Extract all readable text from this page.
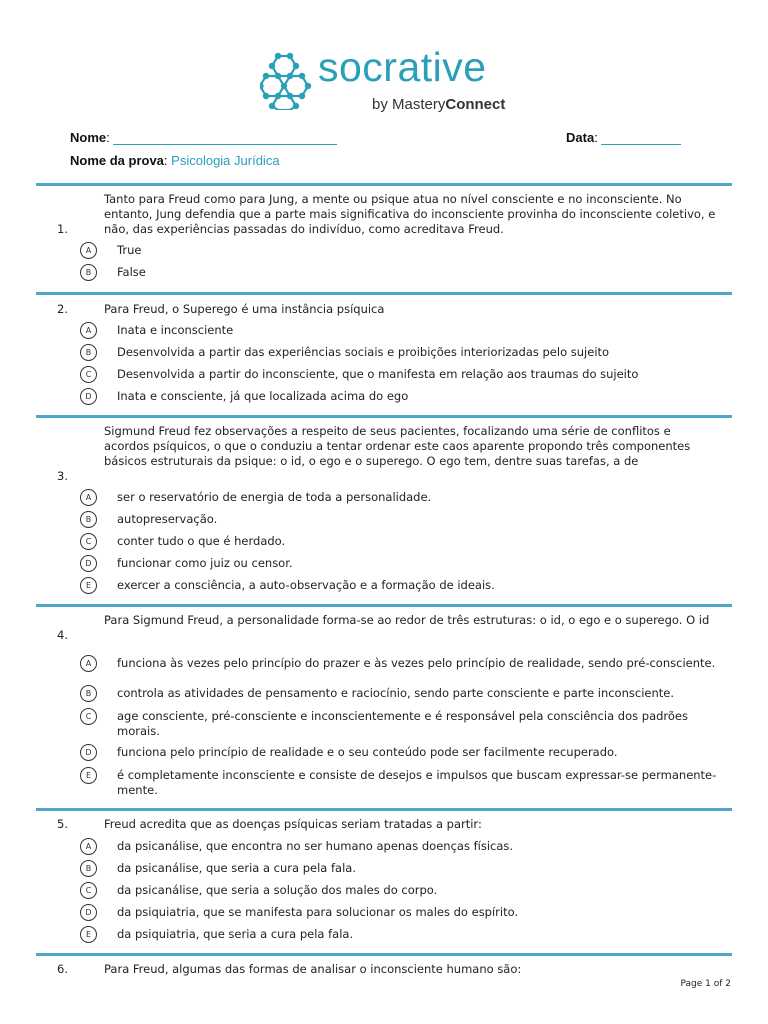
socrative
by MasteryConnect
Nome:	Data:
Nome da prova: Psicologia Jurídica
1.
Tanto para Freud como para Jung, a mente ou psique atua no nível consciente e no inconsciente. No entanto, Jung defendia que a parte mais significativa do inconsciente provinha do inconsciente coletivo, e não, das experiências passadas do indivíduo, como acreditava Freud.
A	True
B	False
2.	Para Freud, o Superego é uma instância psíquica
A	Inata e inconsciente
B	Desenvolvida a partir das experiências sociais e proibições interiorizadas pelo sujeito
C	Desenvolvida a partir do inconsciente, que o manifesta em relação aos traumas do sujeito
D	Inata e consciente, já que localizada acima do ego
3.
Sigmund Freud fez observações a respeito de seus pacientes, focalizando uma série de conflitos e acordos psíquicos, o que o conduziu a tentar ordenar este caos aparente propondo três componentes básicos estruturais da psique: o id, o ego e o superego. O ego tem, dentre suas tarefas, a de
A	ser o reservatório de energia de toda a personalidade.
B	autopreservação.
C	conter tudo o que é herdado.
D	funcionar como juiz ou censor.
E	exercer a consciência, a auto-observação e a formação de ideais.
4.
Para Sigmund Freud, a personalidade forma-se ao redor de três estruturas: o id, o ego e o superego. O id
A	funciona às vezes pelo princípio do prazer e às vezes pelo princípio de realidade, sendo pré-consciente.
B	controla as atividades de pensamento e raciocínio, sendo parte consciente e parte inconsciente.
C	age consciente, pré-consciente e inconscientemente e é responsável pela consciência dos padrões morais.
D	funciona pelo princípio de realidade e o seu conteúdo pode ser facilmente recuperado.
E	é completamente inconsciente e consiste de desejos e impulsos que buscam expressar-se permanente- mente.
5.	Freud acredita que as doenças psíquicas seriam tratadas a partir:
A	da psicanálise, que encontra no ser humano apenas doenças físicas.
B	da psicanálise, que seria a cura pela fala.
C	da psicanálise, que seria a solução dos males do corpo.
D	da psiquiatria, que se manifesta para solucionar os males do espírito.
E	da psiquiatria, que seria a cura pela fala.
6.	Para Freud, algumas das formas de analisar o inconsciente humano são:
Page 1 of 2
